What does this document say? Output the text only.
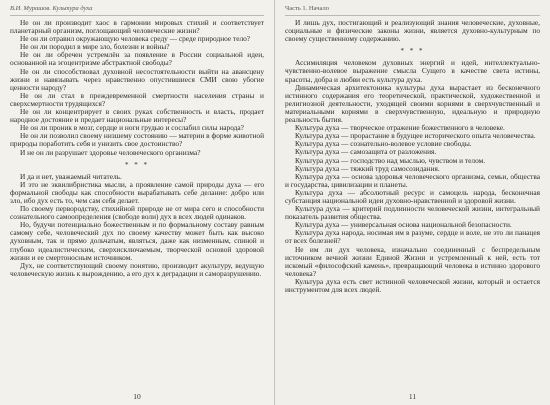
В.И. Мурашов. Культура духа

Не он ли производит хаос в гармонии мировых стихий и соответствует планетарный организм, поглощающий человеческие жизни?

Не он ли отравил окружающую человека среду — среде природное тело?

Не он ли породил в мире зло, болезни и войны?

Не он ли обречен устремлён за появление в России социальной идеи, основанной на эгоцентризме абстрактной свободы?

Не он ли способствовал духовной несостоятельности выйти на авансцену жизни и навязывать через нравственно опустившиеся СМИ свою убогие ценности народу?

Не он ли стал в преждевременной смертности населения страны и сверхсмертности трудящихся?

Не он ли концентрирует в своих руках собственность и власть, продает народное достояние и предает национальные интересы?

Не он ли проник в мозг, сердце и ноги грудью и сослабил силы народа?

Не он ли позволил своему низшему состоянию — материи в форме животной природы поработить себя и унизить свое достоинство?

И не он ли разрушает здоровье человеческого организма?

* * *

И да и нет, уважаемый читатель.

И это не эквилибристика мысли, а проявление самой природы духа — его формальной свободы как способности вырабатывать себе делание: добро или зло, ибо дух есть то, чем сам себя делает.

По своему первородству, стихийной природе не от мира сего и способности сознательного самоопределения (свободе воли) дух в всех людей одинаков.

Но, будучи потенциально божественным и по формальному составу равным самому себе, человеческий дух по своему качеству может быть как высоко духовным, так и прямо дольчатым, являться, даже как низменным, спиной и глубоко идеалистическим, сверхисключаемым, творческой основой здоровой жизни и ее смертоносным источником.

Дух, не соответствующий своему понятию, производит акультуру, ведущую человеческую жизнь к вырождению, а его дух к деградации и саморазрушению.

10
Часть 1. Начало

И лишь дух, постигающий и реализующий знания человеческие, духовные, социальные и физические законы жизни, является духовно-культурным по своему существенному содержанию.

* * *

Ассимиляция человеком духовных энергий и идей, интеллектуально-чувственно-волевое выражение смысла Сущего в качестве света истины, красоты, добра и любви есть культура духа.

Динамическая архитектоника культуры духа вырастает из бесконечного истинного содержания его теоретической, практической, художественной и религиозной деятельности, уходящей своими корнями в сверхчувственный и материальными корнями в сверхчувственную, идеальную и природную реальность бытия.

Культура духа — творческое отражение божественного в человеке.

Культура духа — прорастание в будущее исторического опыта человечества.

Культура духа — сознательно-волевое условие свободы.

Культура духа — самозащита от разложения.

Культура духа — господство над мыслью, чувством и телом.

Культура духа — тяжкий труд самосозидания.

Культура духа — основа здоровья человеческого организма, семьи, общества и государства, цивилизации и планеты.

Культура духа — абсолютный ресурс и самоцель народа, бесконечная субстанция национальной идеи духовно-нравственной и здоровой жизни.

Культура духа — критерий подлинности человеческой жизни, интегральный показатель развития общества.

Культура духа — универсальная основа национальной безопасности.

Культура духа народа, носимая им в разуме, сердце и воле, не это ли панацея от всех болезней?

Не им ли дух человека, изначально соединенный с беспредельным источником вечной жизни Единой Жизни и устремленный к ней, есть тот искомый «философский камень», превращающий человека в истинно здорового человека?

Культура духа есть свет истинной человеческой жизни, который и остается инструментом для всех людей.

11
